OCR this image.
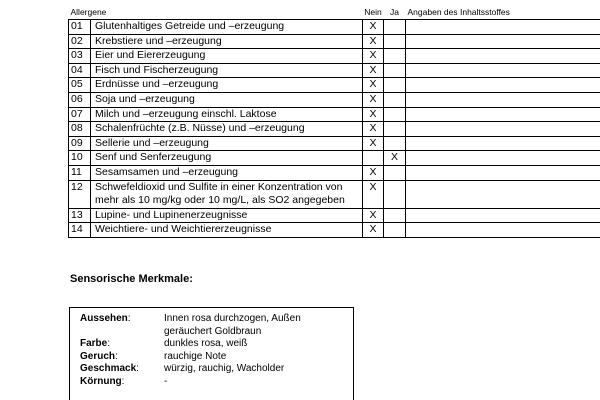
Allergene		Nein	Ja	Angaben des Inhaltsstoffes
01	Glutenhaltiges Getreide und –erzeugung	X		
02	Krebstiere und –erzeugung	X		
03	Eier und Eiererzeugung	X		
04	Fisch und Fischerzeugung	X		
05	Erdnüsse und –erzeugung	X		
06	Soja und –erzeugung	X		
07	Milch und –erzeugung einschl. Laktose	X		
08	Schalenfrüchte (z.B. Nüsse) und –erzeugung	X		
09	Sellerie und –erzeugung	X		
10	Senf und Senferzeugung		X	
11	Sesamsamen und –erzeugung	X		
12	Schwefeldioxid und Sulfite in einer Konzentration von mehr als 10 mg/kg oder 10 mg/L, als SO2 angegeben	X		
13	Lupine- und Lupinenerzeugnisse	X		
14	Weichtiere- und Weichtiererzeugnisse	X		
Sensorische Merkmale:
Aussehen:	Innen rosa durchzogen, Außen
geräuchert Goldbraun
Farbe:	dunkles rosa, weiß
Geruch:	rauchige Note
Geschmack:	würzig, rauchig, Wacholder
Körnung:	-
